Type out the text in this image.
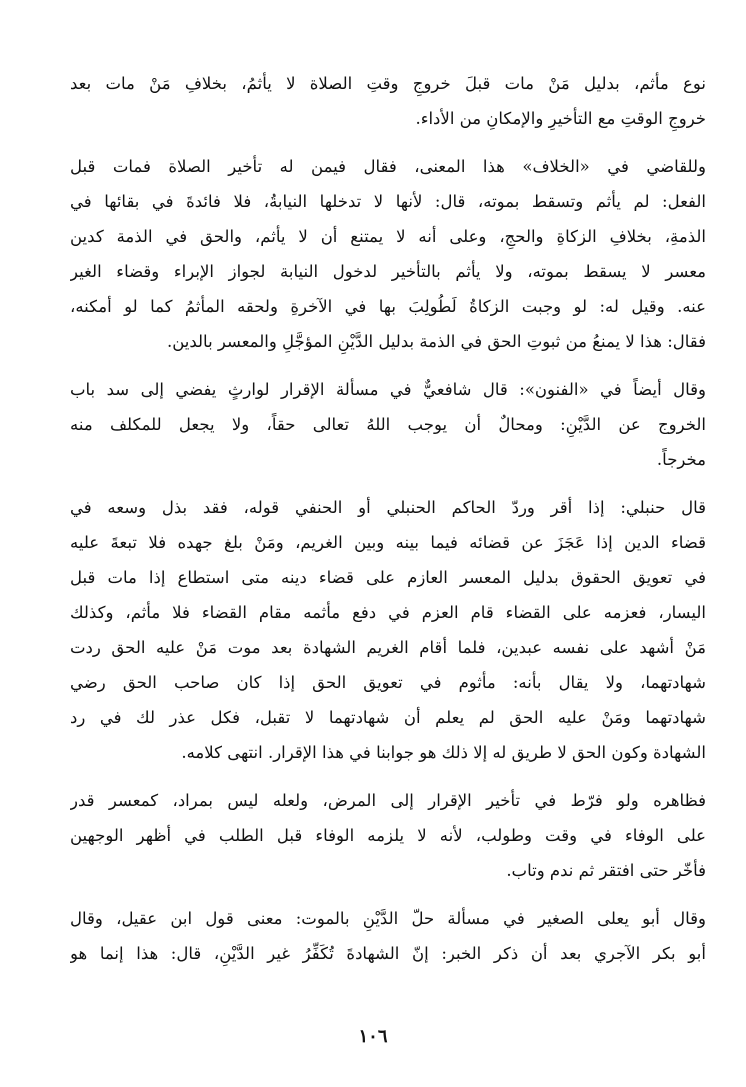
نوع مأثم، بدليل مَنْ مات قبلَ خروجِ وقتِ الصلاة لا يأثمُ، بخلافِ مَنْ مات بعد
خروجِ الوقتِ مع التأخيرِ والإمكانِ من الأداء.
وللقاضي في «الخلاف» هذا المعنى، فقال فيمن له تأخير الصلاة فمات قبل
الفعل: لم يأثم وتسقط بموته، قال: لأنها لا تدخلها النيابةُ، فلا فائدةَ في بقائها في
الذمةِ، بخلافِ الزكاةِ والحجِ، وعلى أنه لا يمتنع أن لا يأثم، والحق في الذمة كدين
معسر لا يسقط بموته، ولا يأثم بالتأخير لدخول النيابة لجواز الإبراء وقضاء الغير
عنه. وقيل له: لو وجبت الزكاةُ لَطُولِبَ بها في الآخرةِ ولحقه المأثمُ كما لو أمكنه،
فقال: هذا لا يمنعُ من ثبوتِ الحق في الذمة بدليل الدَّيْنِ المؤجَّلِ والمعسر بالدين.
وقال أيضاً في «الفنون»: قال شافعيٌّ في مسألة الإقرار لوارثٍ يفضي إلى سد باب
الخروج عن الدَّيْنِ: ومحالٌ أن يوجب اللهُ تعالى حقاً، ولا يجعل للمكلف منه
مخرجاً.
قال حنبلي: إذا أقر وردّ الحاكم الحنبلي أو الحنفي قوله، فقد بذل وسعه في
قضاء الدين إذا عَجَزَ عن قضائه فيما بينه وبين الغريم، ومَنْ بلغ جهده فلا تبعةَ عليه
في تعويق الحقوق بدليل المعسر العازم على قضاء دينه متى استطاع إذا مات قبل
اليسار، فعزمه على القضاء قام العزم في دفع مأثمه مقام القضاء فلا مأثم، وكذلك
مَنْ أشهد على نفسه عبدين، فلما أقام الغريم الشهادة بعد موت مَنْ عليه الحق ردت
شهادتهما، ولا يقال بأنه: مأثوم في تعويق الحق إذا كان صاحب الحق رضي
شهادتهما ومَنْ عليه الحق لم يعلم أن شهادتهما لا تقبل، فكل عذر لك في رد
الشهادة وكون الحق لا طريق له إلا ذلك هو جوابنا في هذا الإقرار. انتهى كلامه.
فظاهره ولو فرّط في تأخير الإقرار إلى المرض، ولعله ليس بمراد، كمعسر قدر
على الوفاء في وقت وطولب، لأنه لا يلزمه الوفاء قبل الطلب في أظهر الوجهين
فأخّر حتى افتقر ثم ندم وتاب.
وقال أبو يعلى الصغير في مسألة حلّ الدَّيْنِ بالموت: معنى قول ابن عقيل، وقال
أبو بكر الآجري بعد أن ذكر الخبر: إنّ الشهادةَ تُكَفِّرُ غير الدَّيْنِ، قال: هذا إنما هو
١٠٦
